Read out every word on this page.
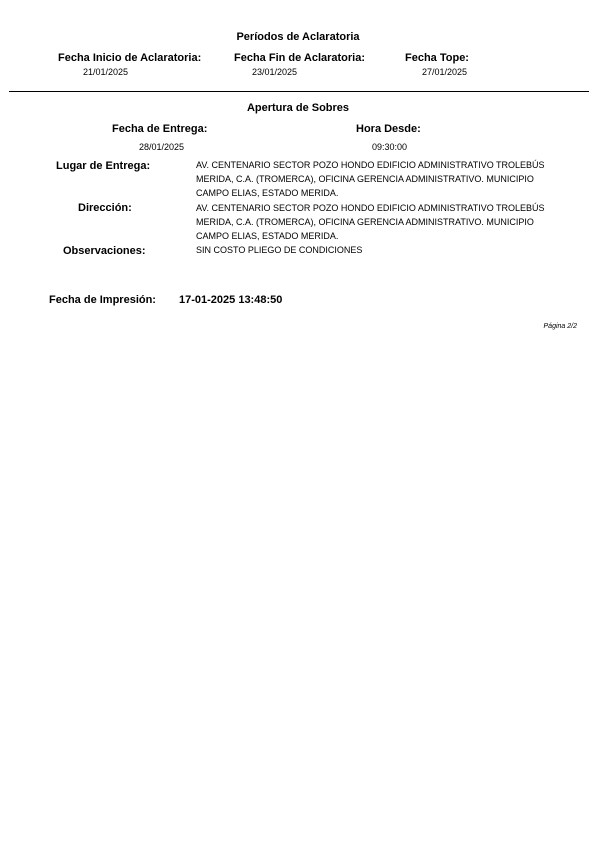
Períodos de Aclaratoria
Fecha Inicio de Aclaratoria:
21/01/2025
Fecha Fin de Aclaratoria:
23/01/2025
Fecha Tope:
27/01/2025
Apertura de Sobres
Fecha de Entrega:
28/01/2025
Hora Desde:
09:30:00
Lugar de Entrega:	AV. CENTENARIO SECTOR POZO HONDO EDIFICIO ADMINISTRATIVO TROLEBÚS MERIDA, C.A. (TROMERCA), OFICINA GERENCIA ADMINISTRATIVO. MUNICIPIO CAMPO ELIAS, ESTADO MERIDA.
Dirección:	AV. CENTENARIO SECTOR POZO HONDO EDIFICIO ADMINISTRATIVO TROLEBÚS MERIDA, C.A. (TROMERCA), OFICINA GERENCIA ADMINISTRATIVO. MUNICIPIO CAMPO ELIAS, ESTADO MERIDA.
Observaciones:	SIN COSTO PLIEGO DE CONDICIONES
Fecha de Impresión: 17-01-2025 13:48:50
Página 2/2
